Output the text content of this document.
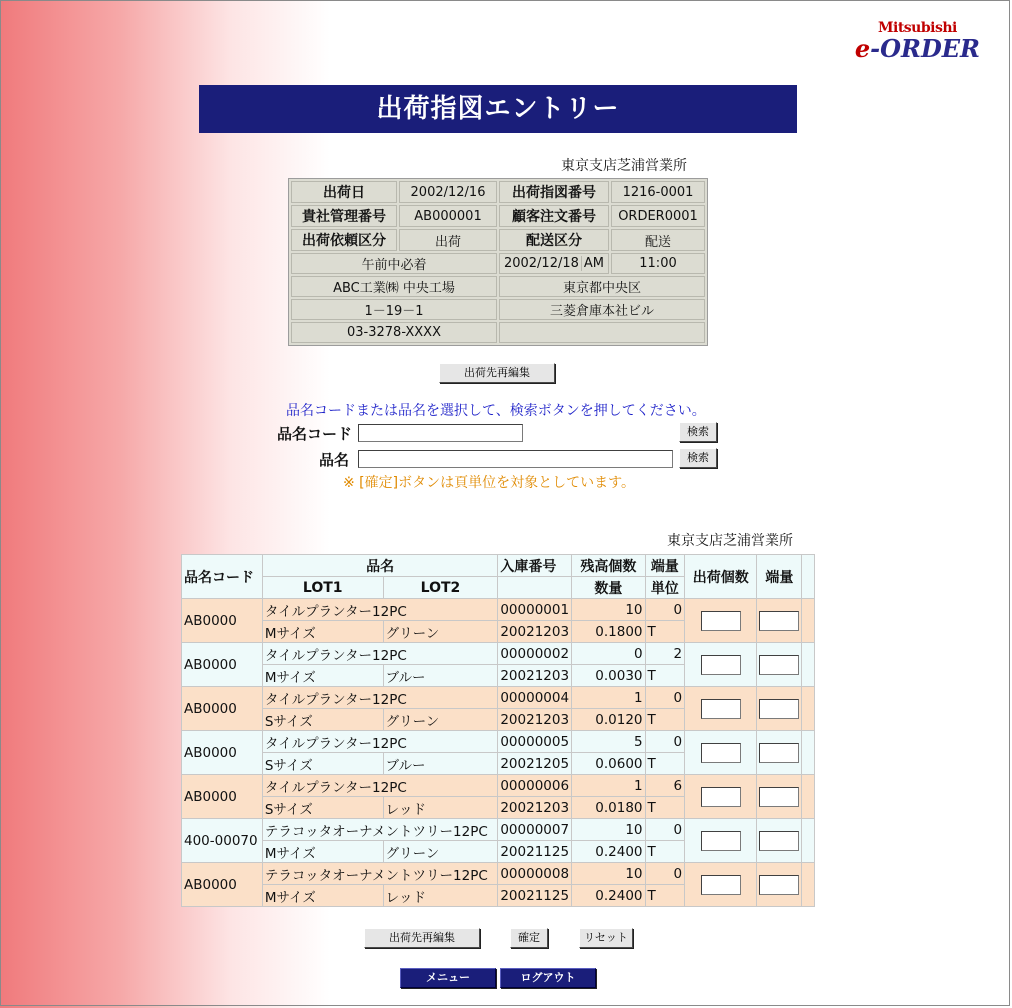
Mitsubishi
e-ORDER
出荷指図エントリー
東京支店芝浦営業所
出荷日	2002/12/16	出荷指図番号	1216-0001
貴社管理番号	AB000001	顧客注文番号	ORDER0001
出荷依頼区分	出荷	配送区分	配送
午前中必着		2002/12/18 AM	11:00
ABC工業㈱ 中央工場		東京都中央区	
1－19－1		三菱倉庫本社ビル	
03-3278-XXXX			
出荷先再編集
品名コードまたは品名を選択して、検索ボタンを押してください。
品名コード	検索
品名	検索
※ [確定]ボタンは頁単位を対象としています。
東京支店芝浦営業所
品名コード	品名		入庫番号	残高個数	端量	出荷個数	端量	
	LOT1	LOT2		数量	単位			
AB0000	タイルプランター12PC		00000001	10	0			
	Mサイズ	グリーン	20021203	0.1800	T			
AB0000	タイルプランター12PC		00000002	0	2			
	Mサイズ	ブルー	20021203	0.0030	T			
AB0000	タイルプランター12PC		00000004	1	0			
	Sサイズ	グリーン	20021203	0.0120	T			
AB0000	タイルプランター12PC		00000005	5	0			
	Sサイズ	ブルー	20021205	0.0600	T			
AB0000	タイルプランター12PC		00000006	1	6			
	Sサイズ	レッド	20021203	0.0180	T			
400-00070	テラコッタオーナメントツリー12PC		00000007	10	0			
	Mサイズ	グリーン	20021125	0.2400	T			
AB0000	テラコッタオーナメントツリー12PC		00000008	10	0			
	Mサイズ	レッド	20021125	0.2400	T			
出荷先再編集	確定	リセット
メニュー	ログアウト
